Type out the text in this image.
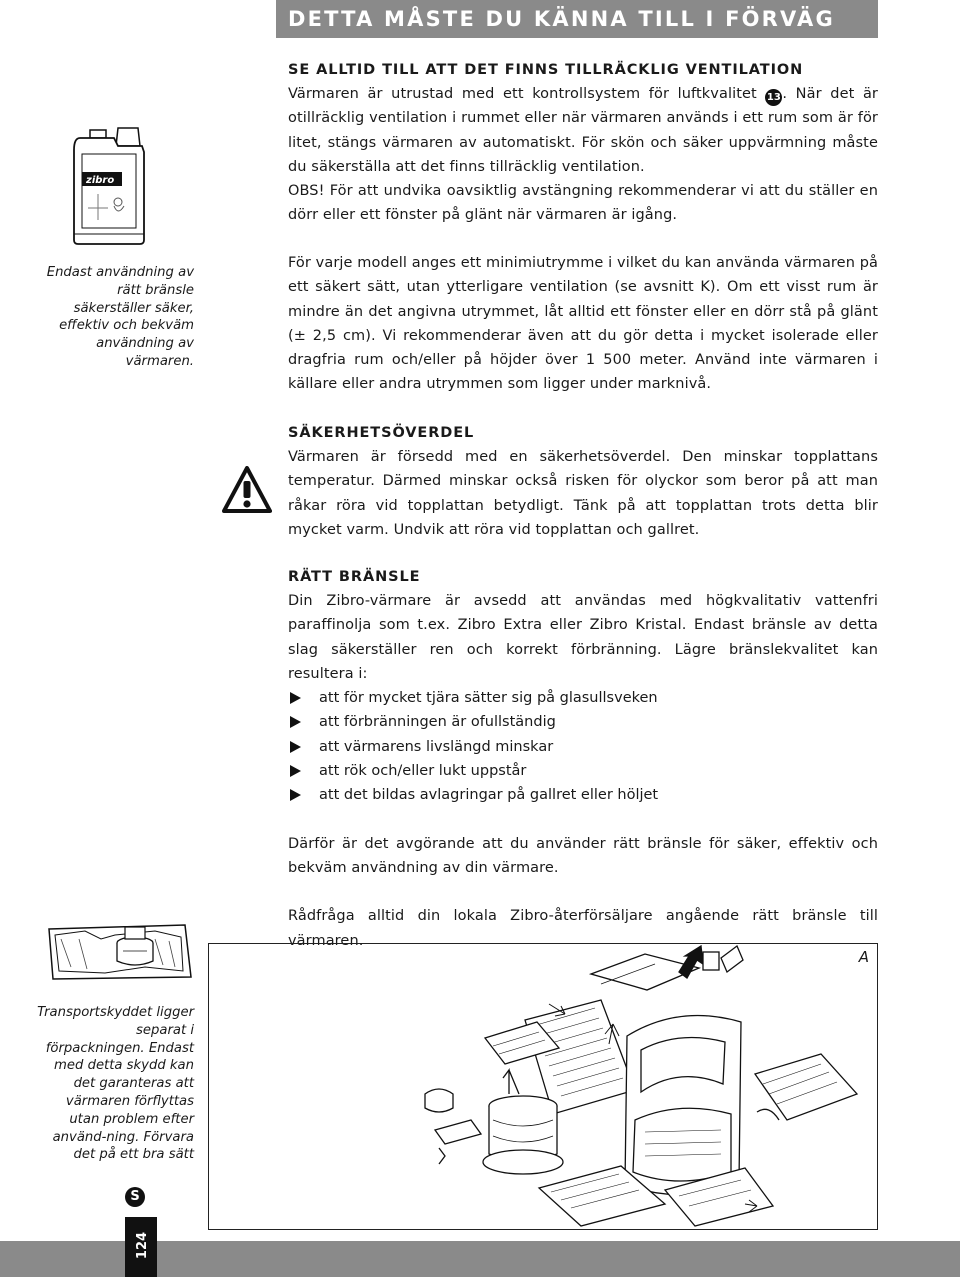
DETTA MÅSTE DU KÄNNA TILL I FÖRVÄG
SE ALLTID TILL ATT DET FINNS TILLRÄCKLIG VENTILATION

Värmaren är utrustad med ett kontrollsystem för luftkvalitet 13. När det är otillräcklig ventilation i rummet eller när värmaren används i ett rum som är för litet, stängs värmaren av automatiskt. För skön och säker uppvärmning måste du säkerställa att det finns tillräcklig ventilation.

OBS! För att undvika oavsiktlig avstängning rekommenderar vi att du ställer en dörr eller ett fönster på glänt när värmaren är igång.

För varje modell anges ett minimiutrymme i vilket du kan använda värmaren på ett säkert sätt, utan ytterligare ventilation (se avsnitt K). Om ett visst rum är mindre än det angivna utrymmet, låt alltid ett fönster eller en dörr stå på glänt (± 2,5 cm). Vi rekommenderar även att du gör detta i mycket isolerade eller dragfria rum och/eller på höjder över 1 500 meter. Använd inte värmaren i källare eller andra utrymmen som ligger under marknivå.

SÄKERHETSÖVERDEL

Värmaren är försedd med en säkerhetsöverdel. Den minskar topplattans temperatur. Därmed minskar också risken för olyckor som beror på att man råkar röra vid topplattan betydligt. Tänk på att topplattan trots detta blir mycket varm. Undvik att röra vid topplattan och gallret.

RÄTT BRÄNSLE

Din Zibro-värmare är avsedd att användas med högkvalitativ vattenfri paraffinolja som t.ex. Zibro Extra eller Zibro Kristal. Endast bränsle av detta slag säkerställer ren och korrekt förbränning. Lägre bränslekvalitet kan resultera i:

att för mycket tjära sätter sig på glasullsveken
att förbränningen är ofullständig
att värmarens livslängd minskar
att rök och/eller lukt uppstår
att det bildas avlagringar på gallret eller höljet

Därför är det avgörande att du använder rätt bränsle för säker, effektiv och bekväm användning av din värmare.

Rådfråga alltid din lokala Zibro-återförsäljare angående rätt bränsle till värmaren.

zibro

Endast användning av rätt bränsle säkerställer säker, effektiv och bekväm användning av värmaren.

Transportskyddet ligger separat i förpackningen. Endast med detta skydd kan det garanteras att värmaren förflyttas utan problem efter använd-ning. Förvara det på ett bra sätt

A
S
124
